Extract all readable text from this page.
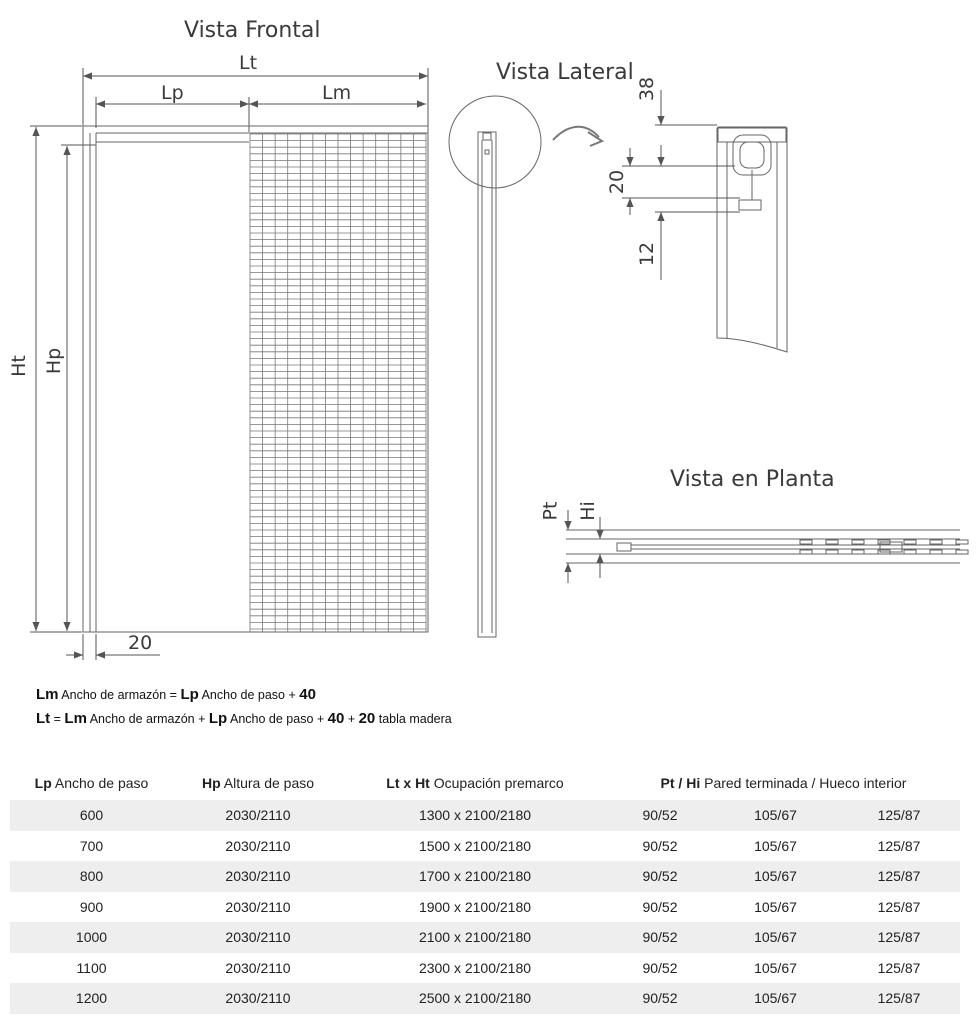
Vista Frontal
Vista Lateral
Vista en Planta
Lt
Lp	Lm
Ht Hp
20
38
20
12
Pt Hi
Lm Ancho de armazón = Lp Ancho de paso + 40
Lt = Lm Ancho de armazón + Lp Ancho de paso + 40 + 20 tabla madera
Lp Ancho de paso	Hp Altura de paso	Lt x Ht Ocupación premarco	Pt / Hi Pared terminada / Hueco interior		
600	2030/2110	1300 x 2100/2180	90/52	105/67	125/87
700	2030/2110	1500 x 2100/2180	90/52	105/67	125/87
800	2030/2110	1700 x 2100/2180	90/52	105/67	125/87
900	2030/2110	1900 x 2100/2180	90/52	105/67	125/87
1000	2030/2110	2100 x 2100/2180	90/52	105/67	125/87
1100	2030/2110	2300 x 2100/2180	90/52	105/67	125/87
1200	2030/2110	2500 x 2100/2180	90/52	105/67	125/87
